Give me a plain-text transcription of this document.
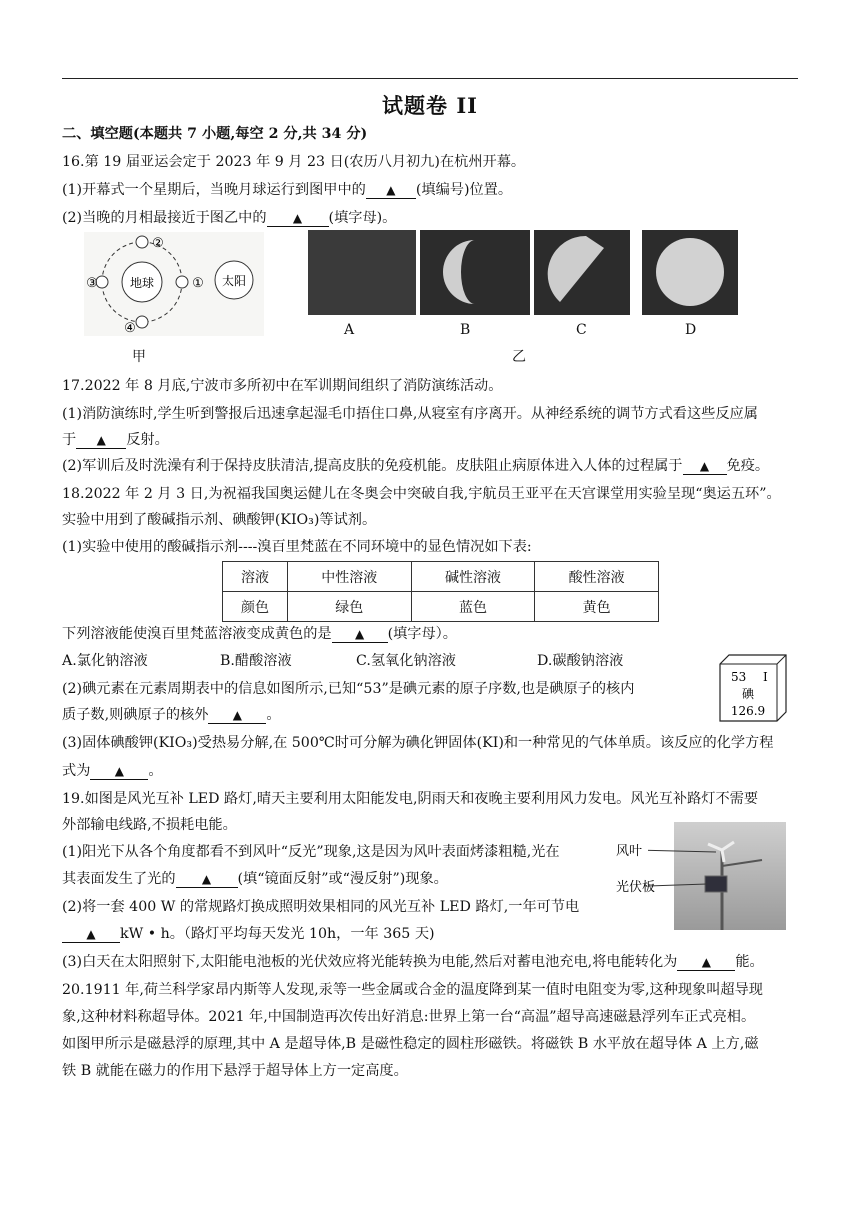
试题卷 II
二、填空题(本题共 7 小题,每空 2 分,共 34 分)
16.第 19 届亚运会定于 2023 年 9 月 23 日(农历八月初九)在杭州开幕。
(1)开幕式一个星期后，当晚月球运行到图甲中的 ▲ (填编号)位置。
(2)当晚的月相最接近于图乙中的 ▲ (填字母)。
地球
②
①
③
④
太阳
甲
A	B	C	D
乙
17.2022 年 8 月底,宁波市多所初中在军训期间组织了消防演练活动。
(1)消防演练时,学生听到警报后迅速拿起湿毛巾捂住口鼻,从寝室有序离开。从神经系统的调节方式看这些反应属
于 ▲ 反射。
(2)军训后及时洗澡有利于保持皮肤清洁,提高皮肤的免疫机能。皮肤阻止病原体进入人体的过程属于 ▲ 免疫。
18.2022 年 2 月 3 日,为祝福我国奥运健儿在冬奥会中突破自我,宇航员王亚平在天宫课堂用实验呈现“奥运五环”。
实验中用到了酸碱指示剂、碘酸钾(KIO₃)等试剂。
(1)实验中使用的酸碱指示剂----溴百里梵蓝在不同环境中的显色情况如下表:
溶液	中性溶液	碱性溶液	酸性溶液
颜色	绿色	蓝色	黄色
下列溶液能使溴百里梵蓝溶液变成黄色的是 ▲ (填字母）。
A.氯化钠溶液	B.醋酸溶液	C.氢氧化钠溶液	D.碳酸钠溶液
53 I
碘
126.9
(2)碘元素在元素周期表中的信息如图所示,已知“53”是碘元素的原子序数,也是碘原子的核内
质子数,则碘原子的核外 ▲ 。
(3)固体碘酸钾(KIO₃)受热易分解,在 500℃时可分解为碘化钾固体(KI)和一种常见的气体单质。该反应的化学方程
式为 ▲ 。
19.如图是风光互补 LED 路灯,晴天主要利用太阳能发电,阴雨天和夜晚主要利用风力发电。风光互补路灯不需要
外部输电线路,不损耗电能。
(1)阳光下从各个角度都看不到风叶“反光”现象,这是因为风叶表面烤漆粗糙,光在
其表面发生了光的 ▲ (填“镜面反射”或“漫反射”)现象。
(2)将一套 400 W 的常规路灯换成照明效果相同的风光互补 LED 路灯,一年可节电
▲ kW • h。（路灯平均每天发光 10h，一年 365 天)
(3)白天在太阳照射下,太阳能电池板的光伏效应将光能转换为电能,然后对蓄电池充电,将电能转化为 ▲ 能。
风叶
光伏板
20.1911 年,荷兰科学家昂内斯等人发现,汞等一些金属或合金的温度降到某一值时电阻变为零,这种现象叫超导现
象,这种材料称超导体。2021 年,中国制造再次传出好消息:世界上第一台“高温”超导高速磁悬浮列车正式亮相。
如图甲所示是磁悬浮的原理,其中 A 是超导体,B 是磁性稳定的圆柱形磁铁。将磁铁 B 水平放在超导体 A 上方,磁
铁 B 就能在磁力的作用下悬浮于超导体上方一定高度。
